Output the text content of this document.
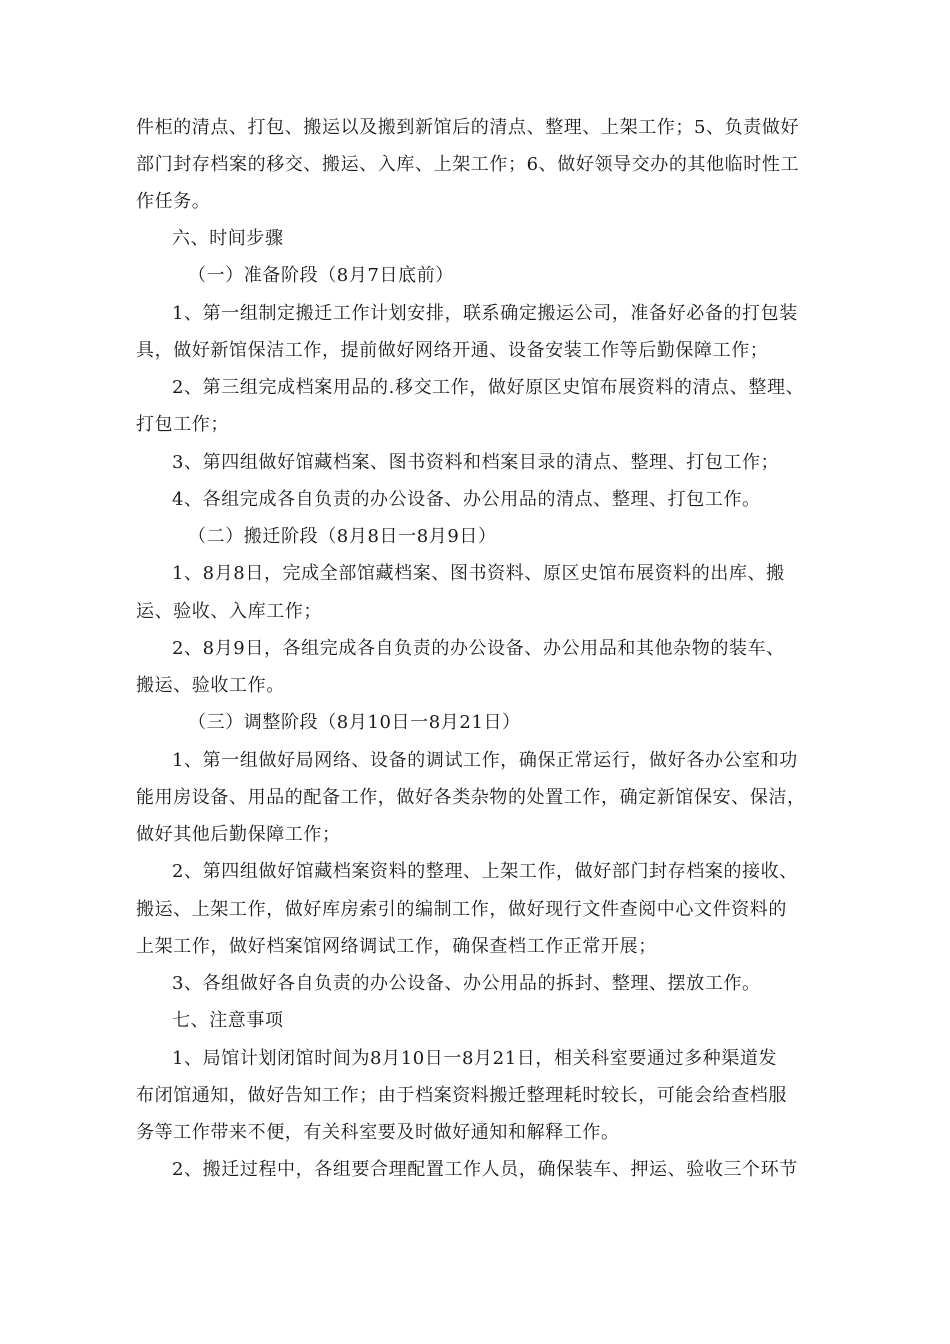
件柜的清点、打包、搬运以及搬到新馆后的清点、整理、上架工作；5、负责做好
部门封存档案的移交、搬运、入库、上架工作；6、做好领导交办的其他临时性工
作任务。
六、时间步骤
（一）准备阶段（8月7日底前）
1、第一组制定搬迁工作计划安排，联系确定搬运公司，准备好必备的打包装
具，做好新馆保洁工作，提前做好网络开通、设备安装工作等后勤保障工作；
2、第三组完成档案用品的.移交工作，做好原区史馆布展资料的清点、整理、
打包工作；
3、第四组做好馆藏档案、图书资料和档案目录的清点、整理、打包工作；
4、各组完成各自负责的办公设备、办公用品的清点、整理、打包工作。
（二）搬迁阶段（8月8日一8月9日）
1、8月8日，完成全部馆藏档案、图书资料、原区史馆布展资料的出库、搬
运、验收、入库工作；
2、8月9日，各组完成各自负责的办公设备、办公用品和其他杂物的装车、
搬运、验收工作。
（三）调整阶段（8月10日一8月21日）
1、第一组做好局网络、设备的调试工作，确保正常运行，做好各办公室和功
能用房设备、用品的配备工作，做好各类杂物的处置工作，确定新馆保安、保洁，
做好其他后勤保障工作；
2、第四组做好馆藏档案资料的整理、上架工作，做好部门封存档案的接收、
搬运、上架工作，做好库房索引的编制工作，做好现行文件查阅中心文件资料的
上架工作，做好档案馆网络调试工作，确保查档工作正常开展；
3、各组做好各自负责的办公设备、办公用品的拆封、整理、摆放工作。
七、注意事项
1、局馆计划闭馆时间为8月10日一8月21日，相关科室要通过多种渠道发
布闭馆通知，做好告知工作；由于档案资料搬迁整理耗时较长，可能会给查档服
务等工作带来不便，有关科室要及时做好通知和解释工作。
2、搬迁过程中，各组要合理配置工作人员，确保装车、押运、验收三个环节
